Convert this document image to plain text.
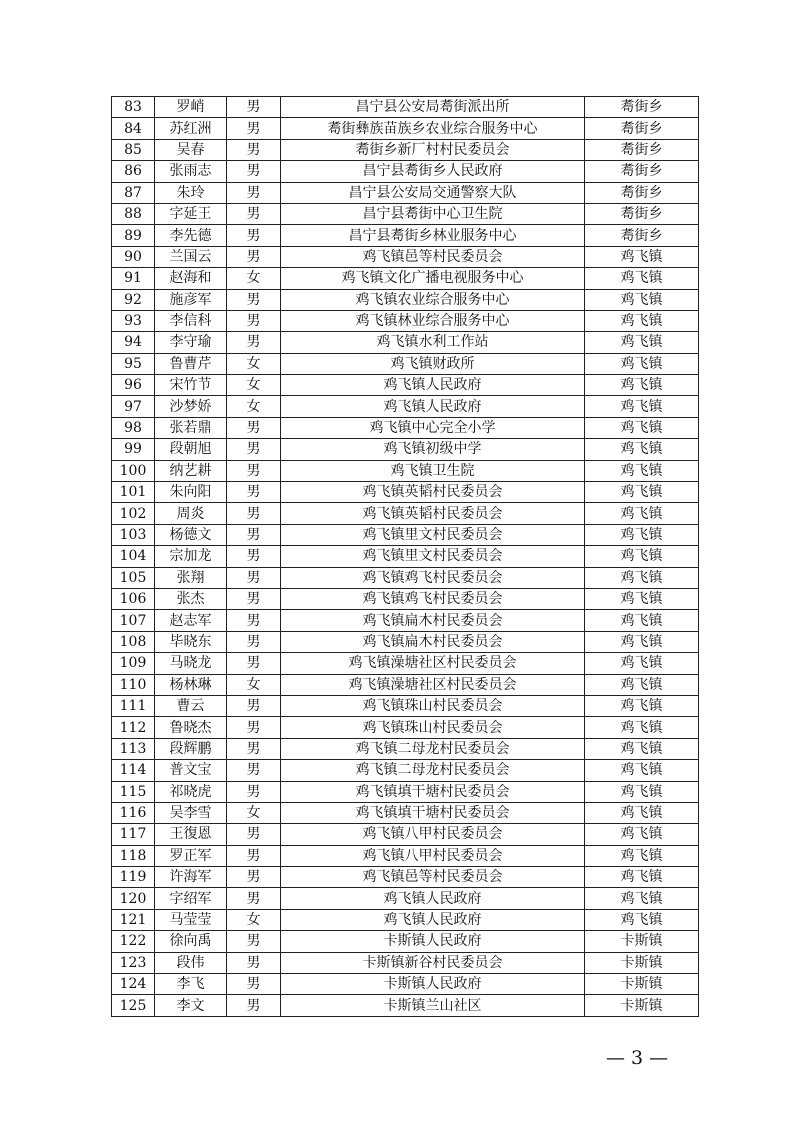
83	罗峭	男	昌宁县公安局耈街派出所	耈街乡
84	苏红洲	男	耈街彝族苗族乡农业综合服务中心	耈街乡
85	吴春	男	耈街乡新厂村村民委员会	耈街乡
86	张雨志	男	昌宁县耈街乡人民政府	耈街乡
87	朱玲	男	昌宁县公安局交通警察大队	耈街乡
88	字延王	男	昌宁县耈街中心卫生院	耈街乡
89	李先德	男	昌宁县耈街乡林业服务中心	耈街乡
90	兰国云	男	鸡飞镇邑等村民委员会	鸡飞镇
91	赵海和	女	鸡飞镇文化广播电视服务中心	鸡飞镇
92	施彦军	男	鸡飞镇农业综合服务中心	鸡飞镇
93	李信科	男	鸡飞镇林业综合服务中心	鸡飞镇
94	李守瑜	男	鸡飞镇水利工作站	鸡飞镇
95	鲁曹芹	女	鸡飞镇财政所	鸡飞镇
96	宋竹节	女	鸡飞镇人民政府	鸡飞镇
97	沙梦娇	女	鸡飞镇人民政府	鸡飞镇
98	张若鼎	男	鸡飞镇中心完全小学	鸡飞镇
99	段朝旭	男	鸡飞镇初级中学	鸡飞镇
100	纳艺耕	男	鸡飞镇卫生院	鸡飞镇
101	朱向阳	男	鸡飞镇英韬村民委员会	鸡飞镇
102	周炎	男	鸡飞镇英韬村民委员会	鸡飞镇
103	杨德文	男	鸡飞镇里文村民委员会	鸡飞镇
104	宗加龙	男	鸡飞镇里文村民委员会	鸡飞镇
105	张翔	男	鸡飞镇鸡飞村民委员会	鸡飞镇
106	张杰	男	鸡飞镇鸡飞村民委员会	鸡飞镇
107	赵志军	男	鸡飞镇扁木村民委员会	鸡飞镇
108	毕晓东	男	鸡飞镇扁木村民委员会	鸡飞镇
109	马晓龙	男	鸡飞镇澡塘社区村民委员会	鸡飞镇
110	杨林琳	女	鸡飞镇澡塘社区村民委员会	鸡飞镇
111	曹云	男	鸡飞镇珠山村民委员会	鸡飞镇
112	鲁晓杰	男	鸡飞镇珠山村民委员会	鸡飞镇
113	段辉鹏	男	鸡飞镇二母龙村民委员会	鸡飞镇
114	普文宝	男	鸡飞镇二母龙村民委员会	鸡飞镇
115	祁晓虎	男	鸡飞镇填干塘村民委员会	鸡飞镇
116	吴李雪	女	鸡飞镇填干塘村民委员会	鸡飞镇
117	王復恩	男	鸡飞镇八甲村民委员会	鸡飞镇
118	罗正军	男	鸡飞镇八甲村民委员会	鸡飞镇
119	许海军	男	鸡飞镇邑等村民委员会	鸡飞镇
120	字绍军	男	鸡飞镇人民政府	鸡飞镇
121	马莹莹	女	鸡飞镇人民政府	鸡飞镇
122	徐向禹	男	卡斯镇人民政府	卡斯镇
123	段伟	男	卡斯镇新谷村民委员会	卡斯镇
124	李飞	男	卡斯镇人民政府	卡斯镇
125	李文	男	卡斯镇兰山社区	卡斯镇
— 3 —
